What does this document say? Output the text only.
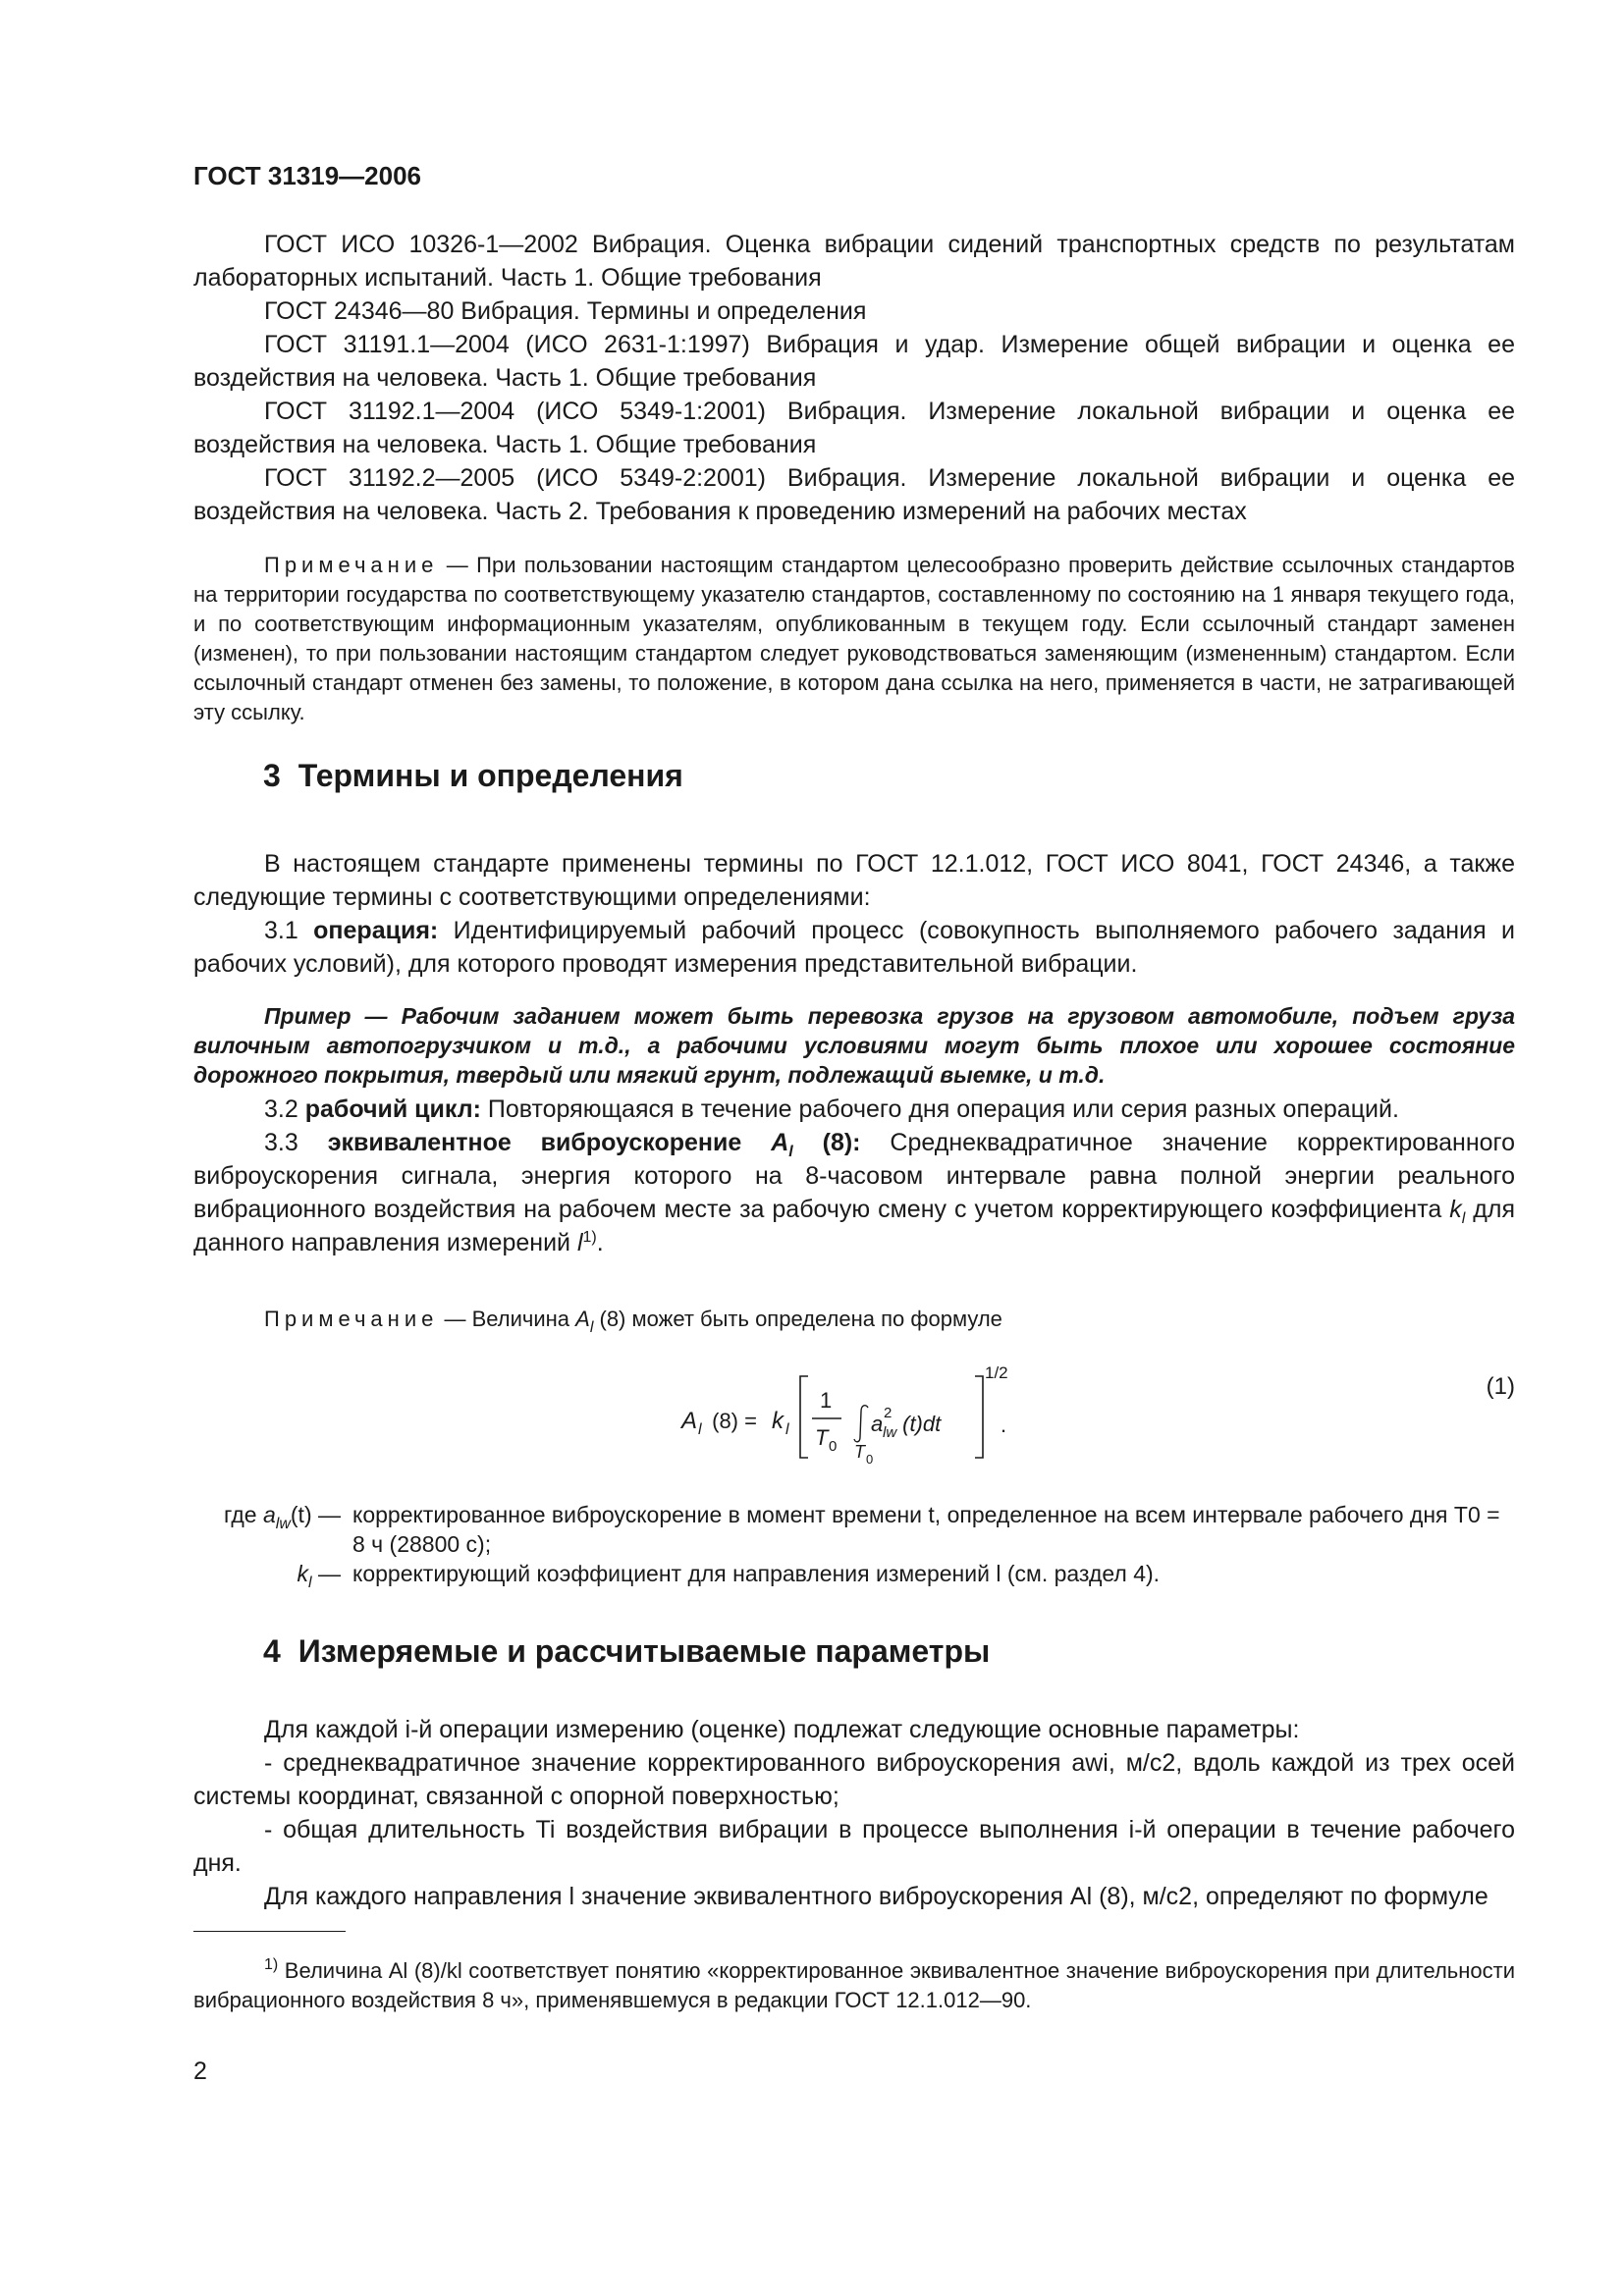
ГОСТ 31319—2006

ГОСТ ИСО 10326-1—2002 Вибрация. Оценка вибрации сидений транспортных средств по результатам лабораторных испытаний. Часть 1. Общие требования

ГОСТ 24346—80 Вибрация. Термины и определения

ГОСТ 31191.1—2004 (ИСО 2631-1:1997) Вибрация и удар. Измерение общей вибрации и оценка ее воздействия на человека. Часть 1. Общие требования

ГОСТ 31192.1—2004 (ИСО 5349-1:2001) Вибрация. Измерение локальной вибрации и оценка ее воздействия на человека. Часть 1. Общие требования

ГОСТ 31192.2—2005 (ИСО 5349-2:2001) Вибрация. Измерение локальной вибрации и оценка ее воздействия на человека. Часть 2. Требования к проведению измерений на рабочих местах

Примечание — При пользовании настоящим стандартом целесообразно проверить действие ссылочных стандартов на территории государства по соответствующему указателю стандартов, составленному по состоянию на 1 января текущего года, и по соответствующим информационным указателям, опубликованным в текущем году. Если ссылочный стандарт заменен (изменен), то при пользовании настоящим стандартом следует руководствоваться заменяющим (измененным) стандартом. Если ссылочный стандарт отменен без замены, то положение, в котором дана ссылка на него, применяется в части, не затрагивающей эту ссылку.

3 Термины и определения

В настоящем стандарте применены термины по ГОСТ 12.1.012, ГОСТ ИСО 8041, ГОСТ 24346, а также следующие термины с соответствующими определениями:

3.1 операция: Идентифицируемый рабочий процесс (совокупность выполняемого рабочего задания и рабочих условий), для которого проводят измерения представительной вибрации.

Пример — Рабочим заданием может быть перевозка грузов на грузовом автомобиле, подъем груза вилочным автопогрузчиком и т.д., а рабочими условиями могут быть плохое или хорошее состояние дорожного покрытия, твердый или мягкий грунт, подлежащий выемке, и т.д.

3.2 рабочий цикл: Повторяющаяся в течение рабочего дня операция или серия разных операций.

3.3 эквивалентное виброускорение $A_l$ (8): Среднеквадратичное значение корректированного виброускорения сигнала, энергия которого на 8-часовом интервале равна полной энергии реального вибрационного воздействия на рабочем месте за рабочую смену с учетом корректирующего коэффициента $k_l$ для данного направления измерений $l^{1)}$.

Примечание — Величина $A_l$ (8) может быть определена по формуле

A l (8) = k l
1
T 0 T 0
a 2
lw (t)dt
1/2
.
(1)
где $a_{lw}(t)$ — корректированное виброускорение в момент времени t, определенное на всем интервале рабочего дня T0 = 8 ч (28800 с);
$k_l$ — корректирующий коэффициент для направления измерений l (см. раздел 4).
4 Измеряемые и рассчитываемые параметры

Для каждой i-й операции измерению (оценке) подлежат следующие основные параметры:

- среднеквадратичное значение корректированного виброускорения awi, м/с2, вдоль каждой из трех осей системы координат, связанной с опорной поверхностью;

- общая длительность Ti воздействия вибрации в процессе выполнения i-й операции в течение рабочего дня.

Для каждого направления l значение эквивалентного виброускорения Al (8), м/с2, определяют по формуле

$^{1)}$ Величина Al (8)/kl соответствует понятию «корректированное эквивалентное значение виброускорения при длительности вибрационного воздействия 8 ч», применявшемуся в редакции ГОСТ 12.1.012—90.

2
